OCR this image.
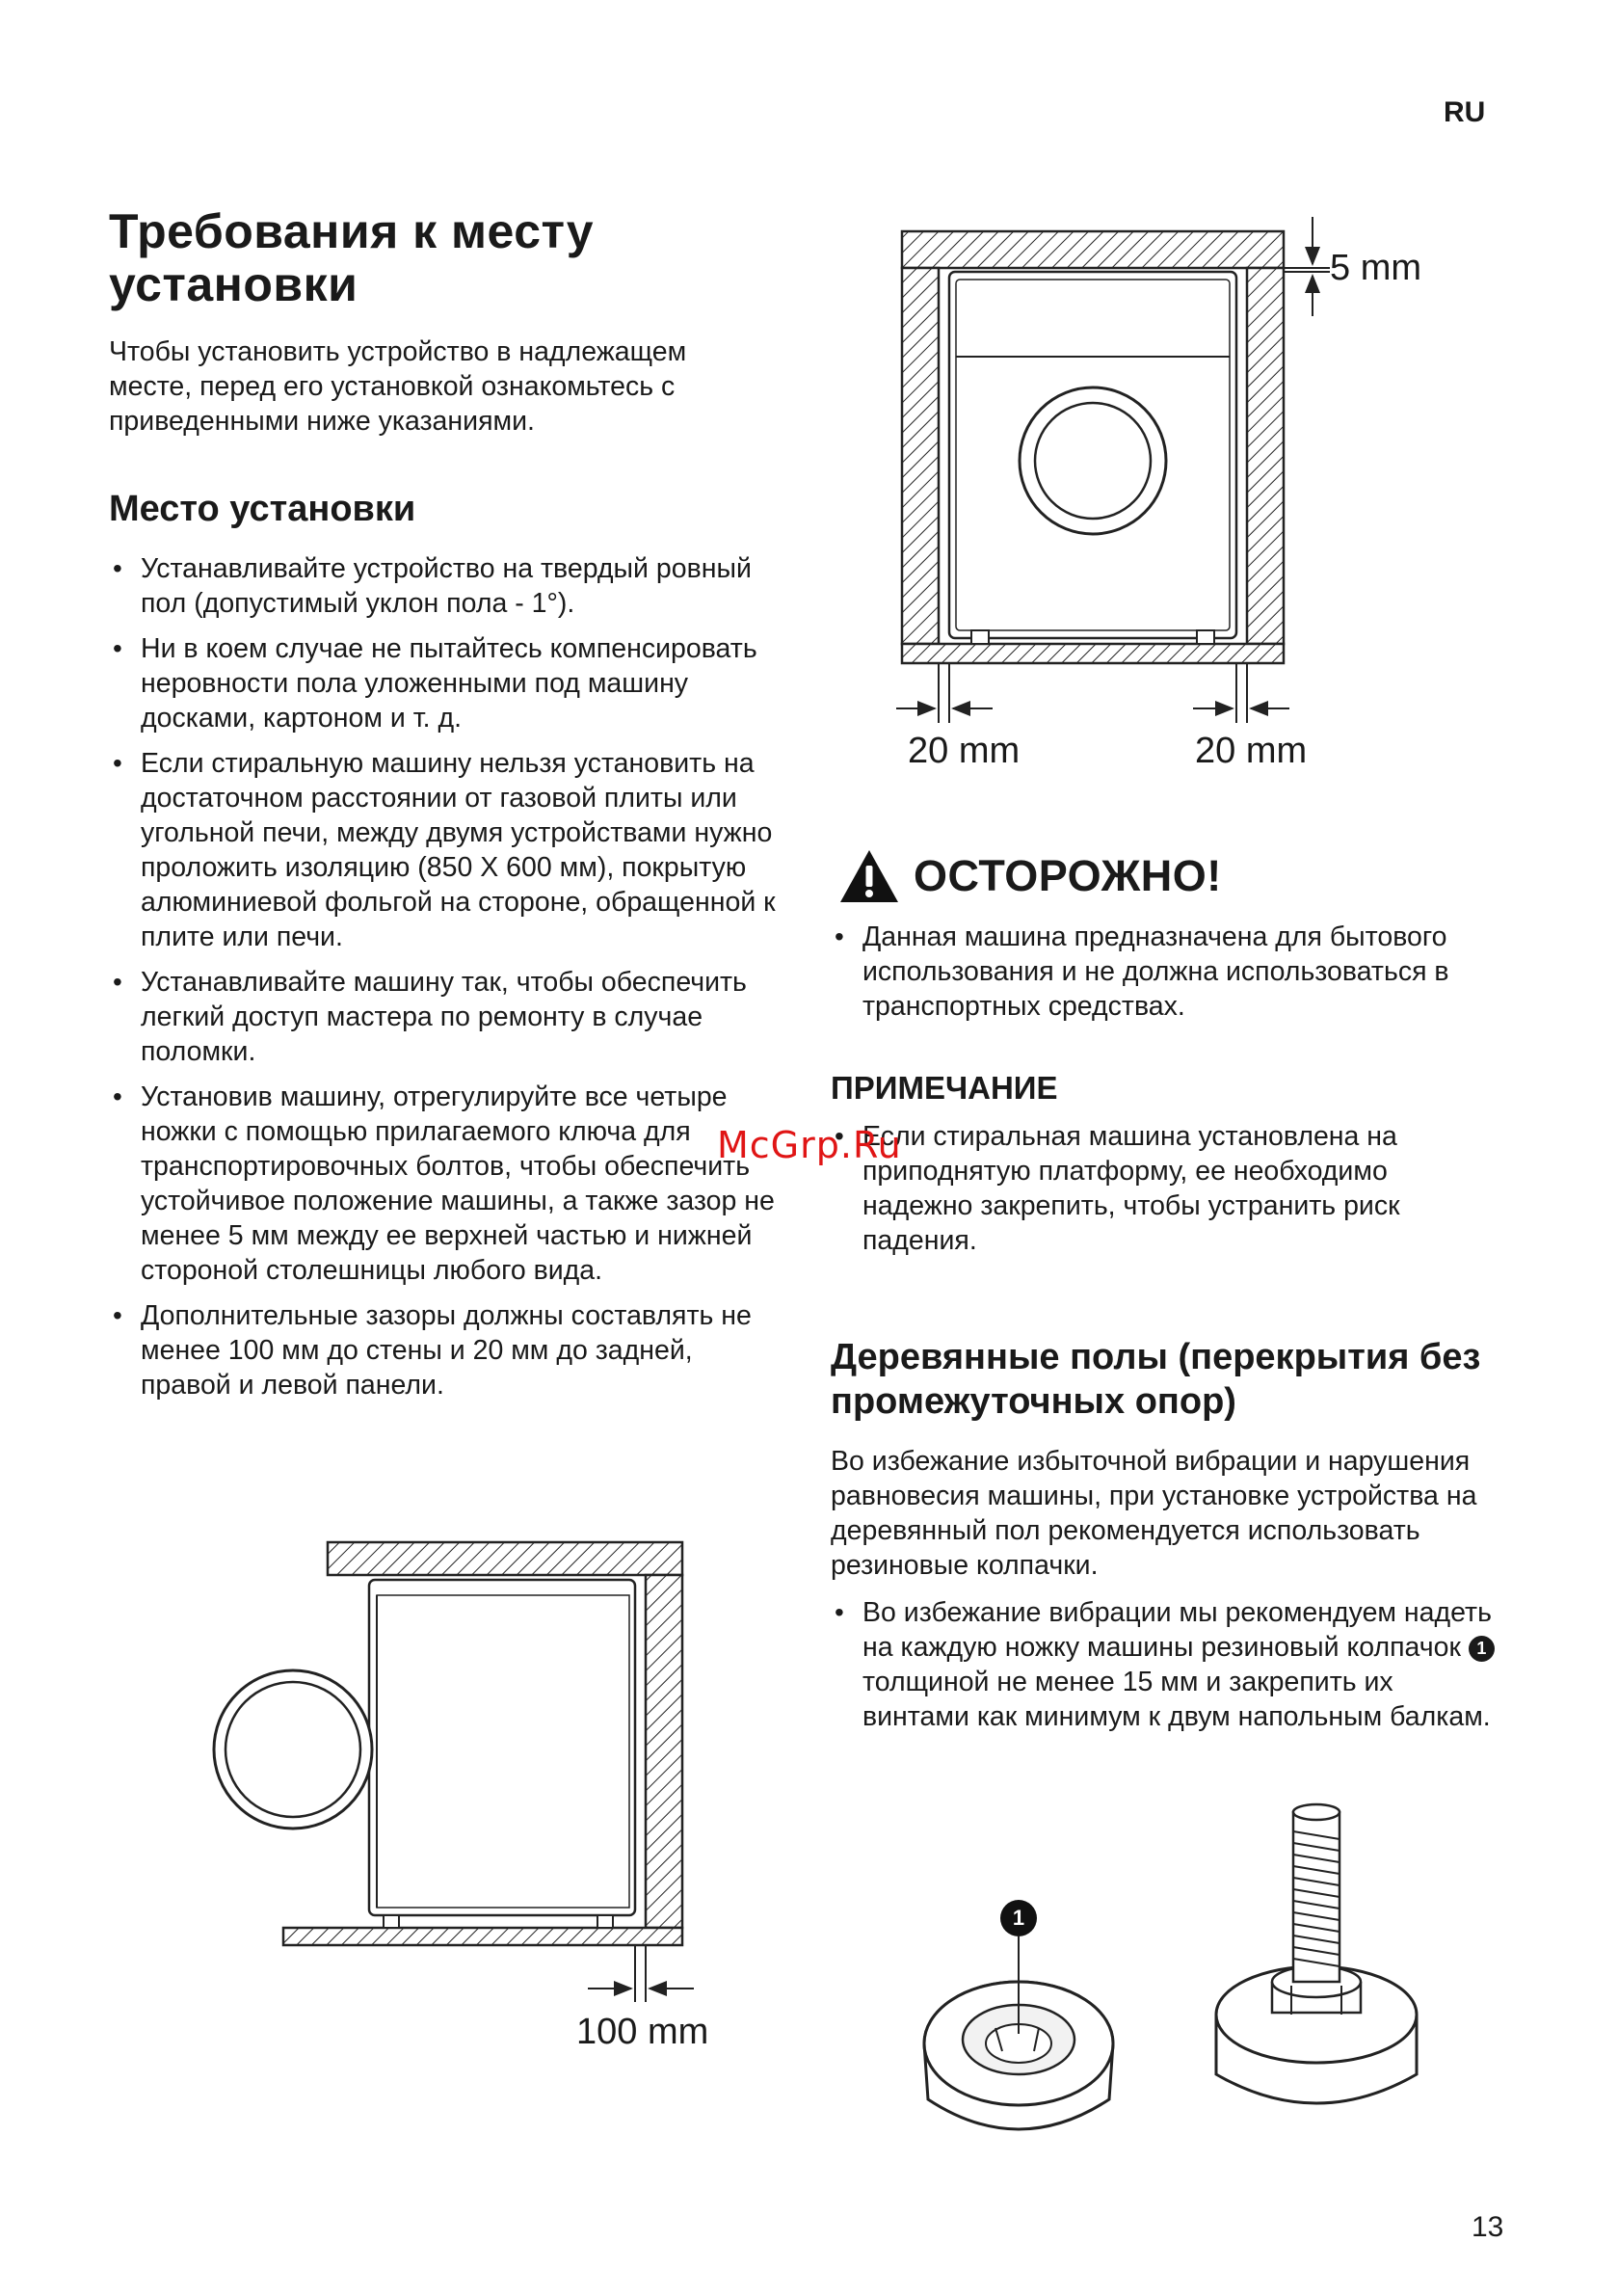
RU
Требования к месту установки
Чтобы установить устройство в надлежащем месте, перед его установкой ознакомьтесь с приведенными ниже указаниями.
Место установки
• Устанавливайте устройство на твердый ровный пол (допустимый уклон пола - 1°).
• Ни в коем случае не пытайтесь компенсировать неровности пола уложенными под машину досками, картоном и т. д.
• Если стиральную машину нельзя установить на достаточном расстоянии от газовой плиты или угольной печи, между двумя устройствами нужно проложить изоляцию (850 X 600 мм), покрытую алюминиевой фольгой на стороне, обращенной к плите или печи.
• Устанавливайте машину так, чтобы обеспечить легкий доступ мастера по ремонту в случае поломки.
• Установив машину, отрегулируйте все четыре ножки с помощью прилагаемого ключа для транспортировочных болтов, чтобы обеспечить устойчивое положение машины, а также зазор не менее 5 мм между ее верхней частью и нижней стороной столешницы любого вида.
• Дополнительные зазоры должны составлять не менее 100 мм до стены и 20 мм до задней, правой и левой панели.
5 mm
20 mm	20 mm
ОСТОРОЖНО!
• Данная машина предназначена для бытового использования и не должна использоваться в транспортных средствах.
ПРИМЕЧАНИЕ
• Если стиральная машина установлена на приподнятую платформу, ее необходимо надежно закрепить, чтобы устранить риск падения.
Деревянные полы (перекрытия без промежуточных опор)
Во избежание избыточной вибрации и нарушения равновесия машины, при установке устройства на деревянный пол рекомендуется использовать резиновые колпачки.
• Во избежание вибрации мы рекомендуем надеть на каждую ножку машины резиновый колпачок 1 толщиной не менее 15 мм и закрепить их винтами как минимум к двум напольным балкам.
100 mm
1
McGrp.Ru
13
